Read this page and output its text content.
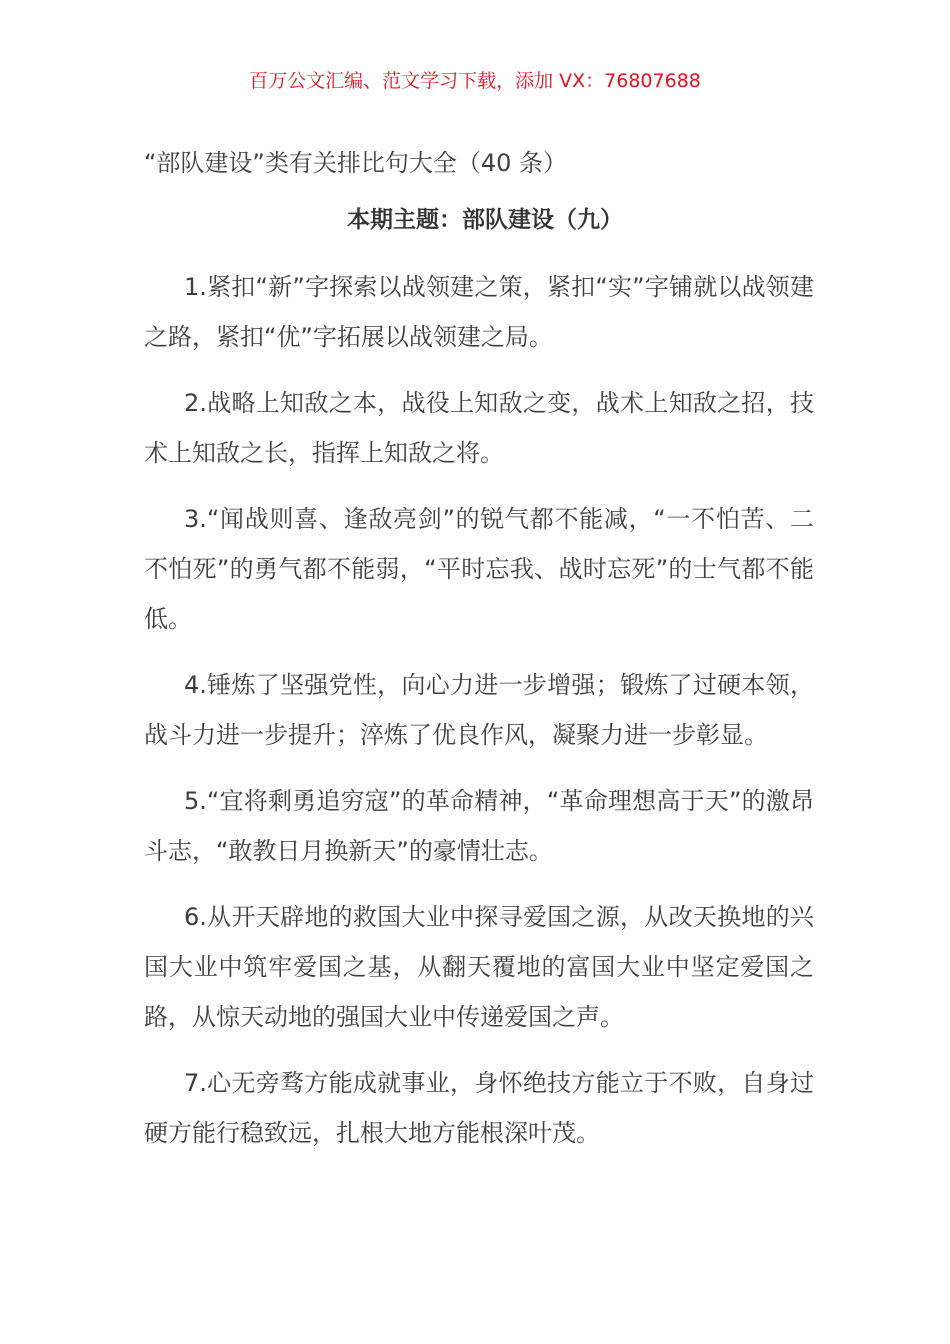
百万公文汇编、范文学习下载，添加 VX：76807688
“部队建设”类有关排比句大全（40 条）
本期主题：部队建设（九）

1.紧扣“新”字探索以战领建之策，紧扣“实”字铺就以战领建之路，紧扣“优”字拓展以战领建之局。

2.战略上知敌之本，战役上知敌之变，战术上知敌之招，技术上知敌之长，指挥上知敌之将。

3.“闻战则喜、逢敌亮剑”的锐气都不能减，“一不怕苦、二不怕死”的勇气都不能弱，“平时忘我、战时忘死”的士气都不能低。

4.锤炼了坚强党性，向心力进一步增强；锻炼了过硬本领，战斗力进一步提升；淬炼了优良作风，凝聚力进一步彰显。

5.“宜将剩勇追穷寇”的革命精神，“革命理想高于天”的激昂斗志，“敢教日月换新天”的豪情壮志。

6.从开天辟地的救国大业中探寻爱国之源，从改天换地的兴国大业中筑牢爱国之基，从翻天覆地的富国大业中坚定爱国之路，从惊天动地的强国大业中传递爱国之声。

7.心无旁骛方能成就事业，身怀绝技方能立于不败，自身过硬方能行稳致远，扎根大地方能根深叶茂。
